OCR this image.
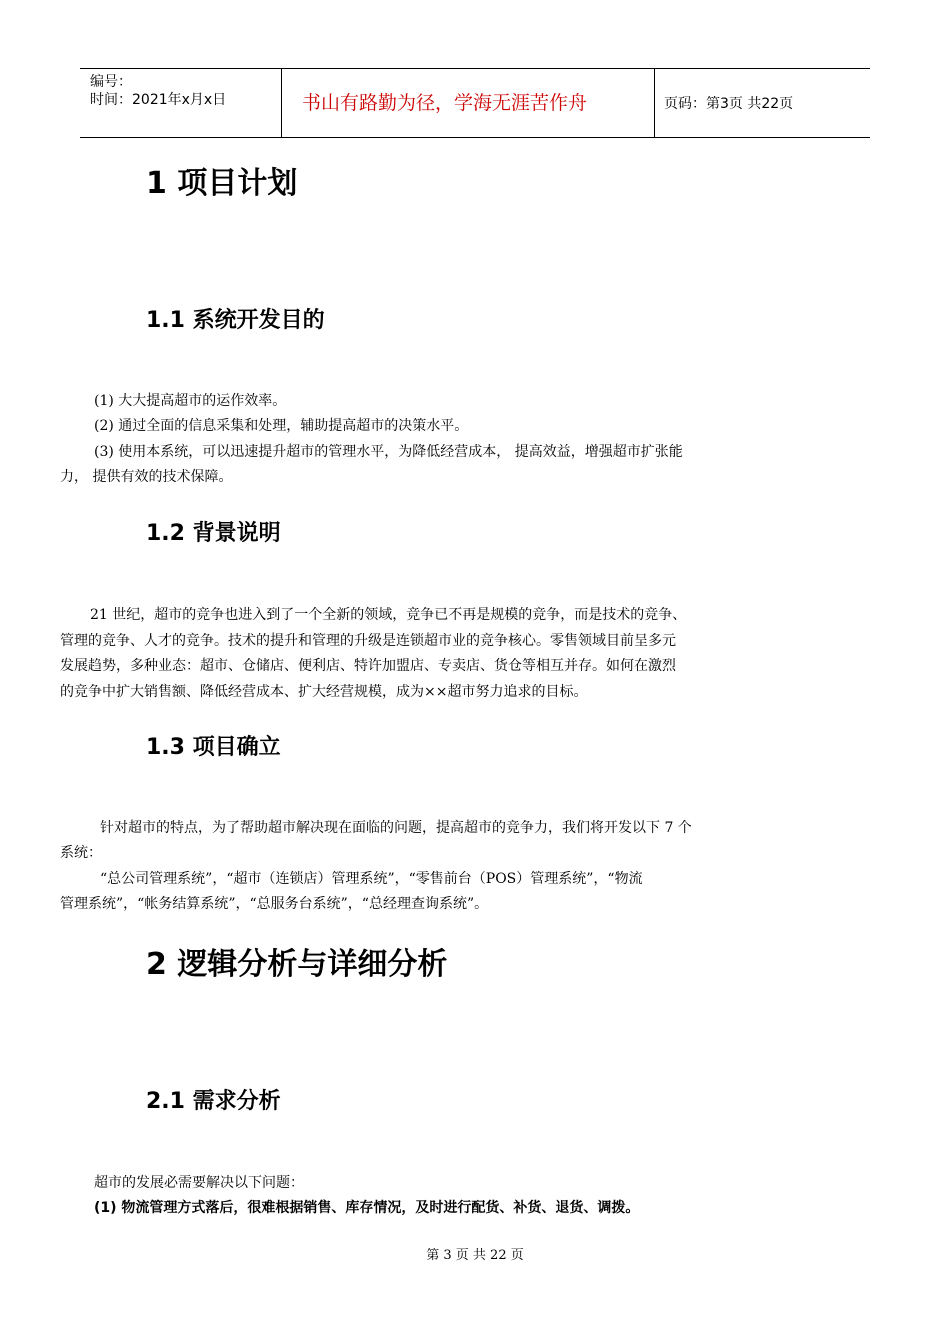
编号：
时间：2021年x月x日	书山有路勤为径，学海无涯苦作舟	页码：第3页 共22页
1 项目计划
1.1 系统开发目的
(1) 大大提高超市的运作效率。
(2) 通过全面的信息采集和处理，辅助提高超市的决策水平。
(3) 使用本系统，可以迅速提升超市的管理水平，为降低经营成本， 提高效益，增强超市扩张能
力， 提供有效的技术保障。
1.2 背景说明
21 世纪，超市的竞争也进入到了一个全新的领域，竞争已不再是规模的竞争，而是技术的竞争、
管理的竞争、人才的竞争。技术的提升和管理的升级是连锁超市业的竞争核心。零售领域目前呈多元
发展趋势，多种业态：超市、仓储店、便利店、特许加盟店、专卖店、货仓等相互并存。如何在激烈
的竞争中扩大销售额、降低经营成本、扩大经营规模，成为××超市努力追求的目标。
1.3 项目确立
针对超市的特点，为了帮助超市解决现在面临的问题，提高超市的竞争力，我们将开发以下 7 个
系统：
“总公司管理系统”，“超市（连锁店）管理系统”，“零售前台（POS）管理系统”，“物流
管理系统”，“帐务结算系统”，“总服务台系统”，“总经理查询系统”。
2 逻辑分析与详细分析
2.1 需求分析
超市的发展必需要解决以下问题：
(1) 物流管理方式落后，很难根据销售、库存情况，及时进行配货、补货、退货、调拨。
第 3 页 共 22 页
